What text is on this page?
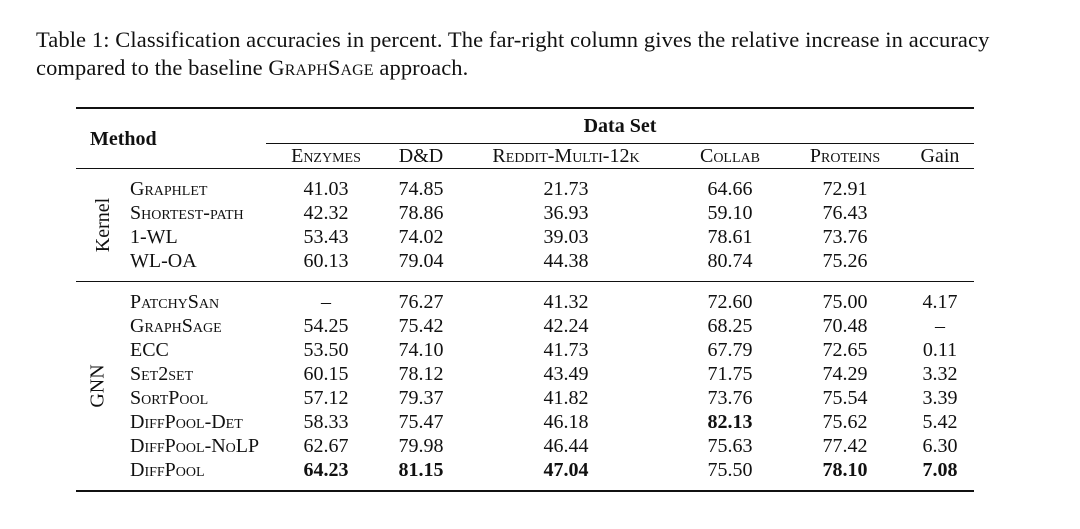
Table 1: Classification accuracies in percent. The far-right column gives the relative increase in accuracy compared to the baseline GraphSage approach.

Method		Data Set					
		Enzymes	D&D	Reddit-Multi-12k	Collab	Proteins	Gain

Kernel	Graphlet	41.03	74.85	21.73	64.66	72.91	
	Shortest-path	42.32	78.86	36.93	59.10	76.43	
	1-WL	53.43	74.02	39.03	78.61	73.76	
	WL-OA	60.13	79.04	44.38	80.74	75.26	

GNN	PatchySan	–	76.27	41.32	72.60	75.00	4.17
	GraphSage	54.25	75.42	42.24	68.25	70.48	–
	ECC	53.50	74.10	41.73	67.79	72.65	0.11
	Set2set	60.15	78.12	43.49	71.75	74.29	3.32
	SortPool	57.12	79.37	41.82	73.76	75.54	3.39
	DiffPool-Det	58.33	75.47	46.18	82.13	75.62	5.42
	DiffPool-NoLP	62.67	79.98	46.44	75.63	77.42	6.30
	DiffPool	64.23	81.15	47.04	75.50	78.10	7.08
